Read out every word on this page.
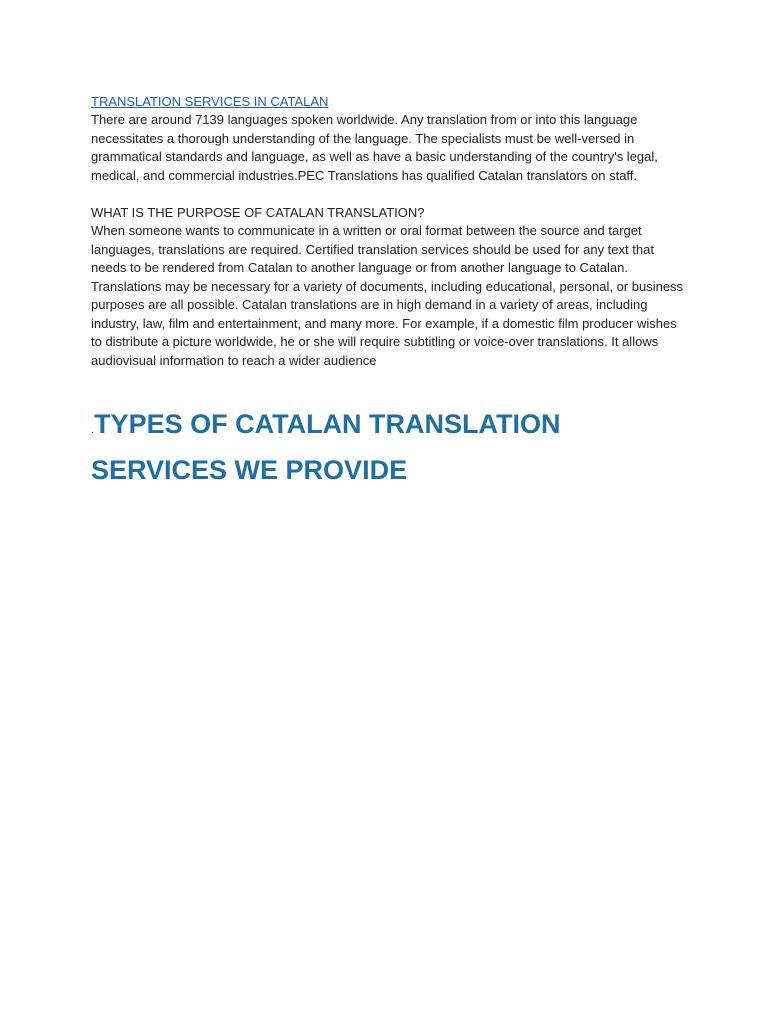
TRANSLATION SERVICES IN CATALAN

There are around 7139 languages spoken worldwide. Any translation from or into this language necessitates a thorough understanding of the language. The specialists must be well-versed in grammatical standards and language, as well as have a basic understanding of the country's legal, medical, and commercial industries.PEC Translations has qualified Catalan translators on staff.

WHAT IS THE PURPOSE OF CATALAN TRANSLATION?

When someone wants to communicate in a written or oral format between the source and target languages, translations are required. Certified translation services should be used for any text that needs to be rendered from Catalan to another language or from another language to Catalan. Translations may be necessary for a variety of documents, including educational, personal, or business purposes are all possible. Catalan translations are in high demand in a variety of areas, including industry, law, film and entertainment, and many more. For example, if a domestic film producer wishes to distribute a picture worldwide, he or she will require subtitling or voice-over translations. It allows audiovisual information to reach a wider audience

.TYPES OF CATALAN TRANSLATION SERVICES WE PROVIDE
